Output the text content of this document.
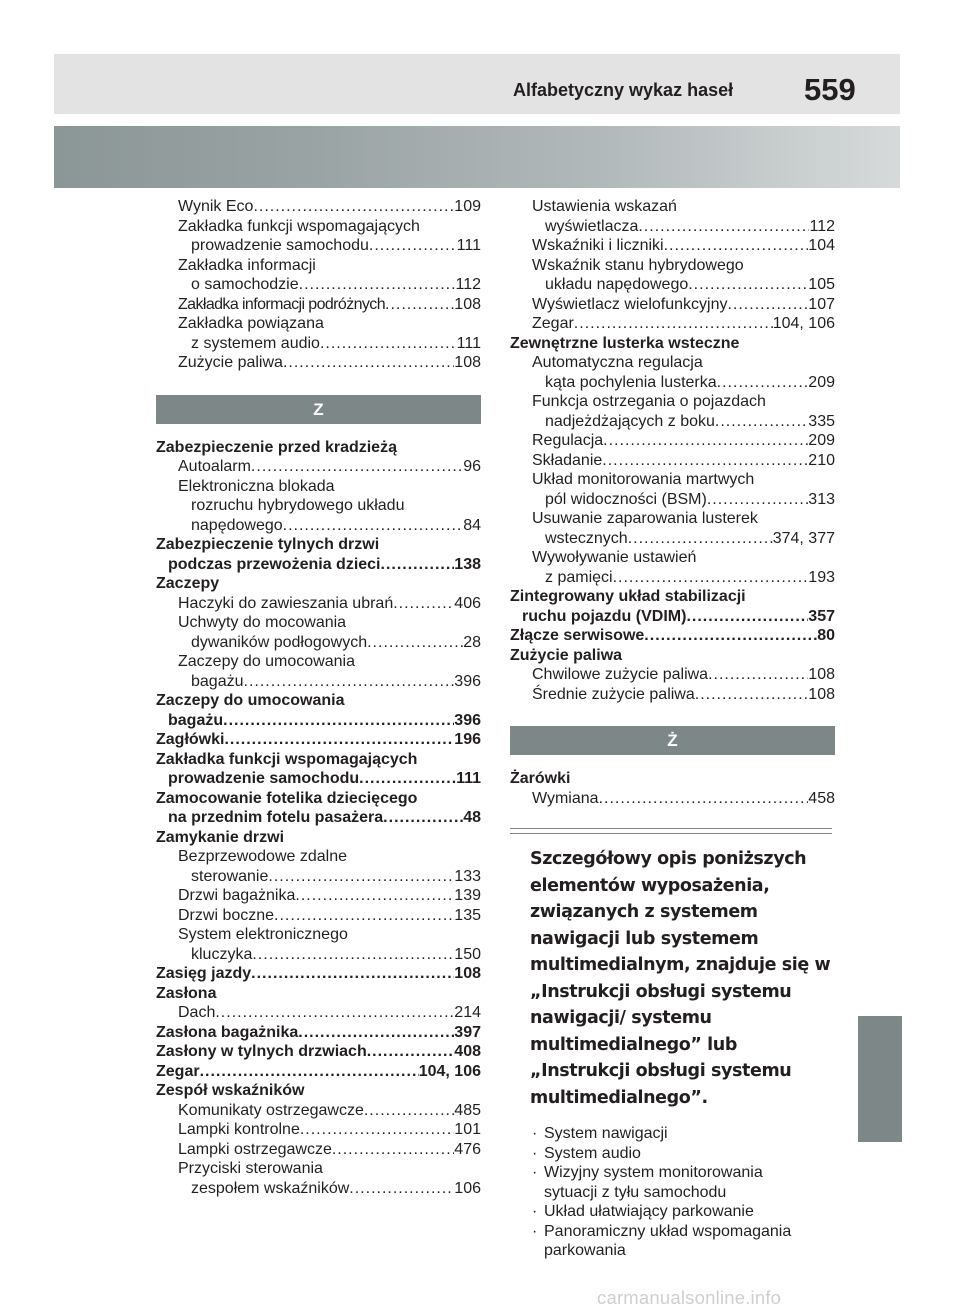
Alfabetyczny wykaz haseł 559
Wynik Eco .....	109
Zakładka funkcji wspomagających
prowadzenie samochodu .....	111
Zakładka informacji
o samochodzie .....	112
Zakładka informacji podróżnych .....	108
Zakładka powiązana
z systemem audio .....	111
Zużycie paliwa .....	108
Z
Zabezpieczenie przed kradzieżą
Autoalarm .....	96
Elektroniczna blokada
rozruchu hybrydowego układu
napędowego .....	84
Zabezpieczenie tylnych drzwi
podczas przewożenia dzieci .....	138
Zaczepy
Haczyki do zawieszania ubrań .....	406
Uchwyty do mocowania
dywaników podłogowych .....	28
Zaczepy do umocowania
bagażu .....	396
Zaczepy do umocowania
bagażu .....	396
Zagłówki .....	196
Zakładka funkcji wspomagających
prowadzenie samochodu .....	111
Zamocowanie fotelika dziecięcego
na przednim fotelu pasażera .....	48
Zamykanie drzwi
Bezprzewodowe zdalne
sterowanie .....	133
Drzwi bagażnika .....	139
Drzwi boczne .....	135
System elektronicznego
kluczyka .....	150
Zasięg jazdy .....	108
Zasłona
Dach .....	214
Zasłona bagażnika .....	397
Zasłony w tylnych drzwiach .....	408
Zegar .....	104, 106
Zespół wskaźników
Komunikaty ostrzegawcze .....	485
Lampki kontrolne .....	101
Lampki ostrzegawcze .....	476
Przyciski sterowania
zespołem wskaźników .....	106
Ustawienia wskazań
wyświetlacza .....	112
Wskaźniki i liczniki .....	104
Wskaźnik stanu hybrydowego
układu napędowego .....	105
Wyświetlacz wielofunkcyjny .....	107
Zegar .....	104, 106
Zewnętrzne lusterka wsteczne
Automatyczna regulacja
kąta pochylenia lusterka .....	209
Funkcja ostrzegania o pojazdach
nadjeżdżających z boku .....	335
Regulacja .....	209
Składanie .....	210
Układ monitorowania martwych
pól widoczności (BSM) .....	313
Usuwanie zaparowania lusterek
wstecznych .....	374, 377
Wywoływanie ustawień
z pamięci .....	193
Zintegrowany układ stabilizacji
ruchu pojazdu (VDIM) .....	357
Złącze serwisowe .....	80
Zużycie paliwa
Chwilowe zużycie paliwa .....	108
Średnie zużycie paliwa .....	108
Ż
Żarówki
Wymiana .....	458
Szczegółowy opis poniższych elementów wyposażenia, związanych z systemem nawigacji lub systemem multimedialnym, znajduje się w „Instrukcji obsługi systemu nawigacji/ systemu multimedialnego” lub „Instrukcji obsługi systemu multimedialnego”.
· System nawigacji
· System audio
· Wizyjny system monitorowania
sytuacji z tyłu samochodu
· Układ ułatwiający parkowanie
· Panoramiczny układ wspomagania
parkowania
carmanualsonline.info
